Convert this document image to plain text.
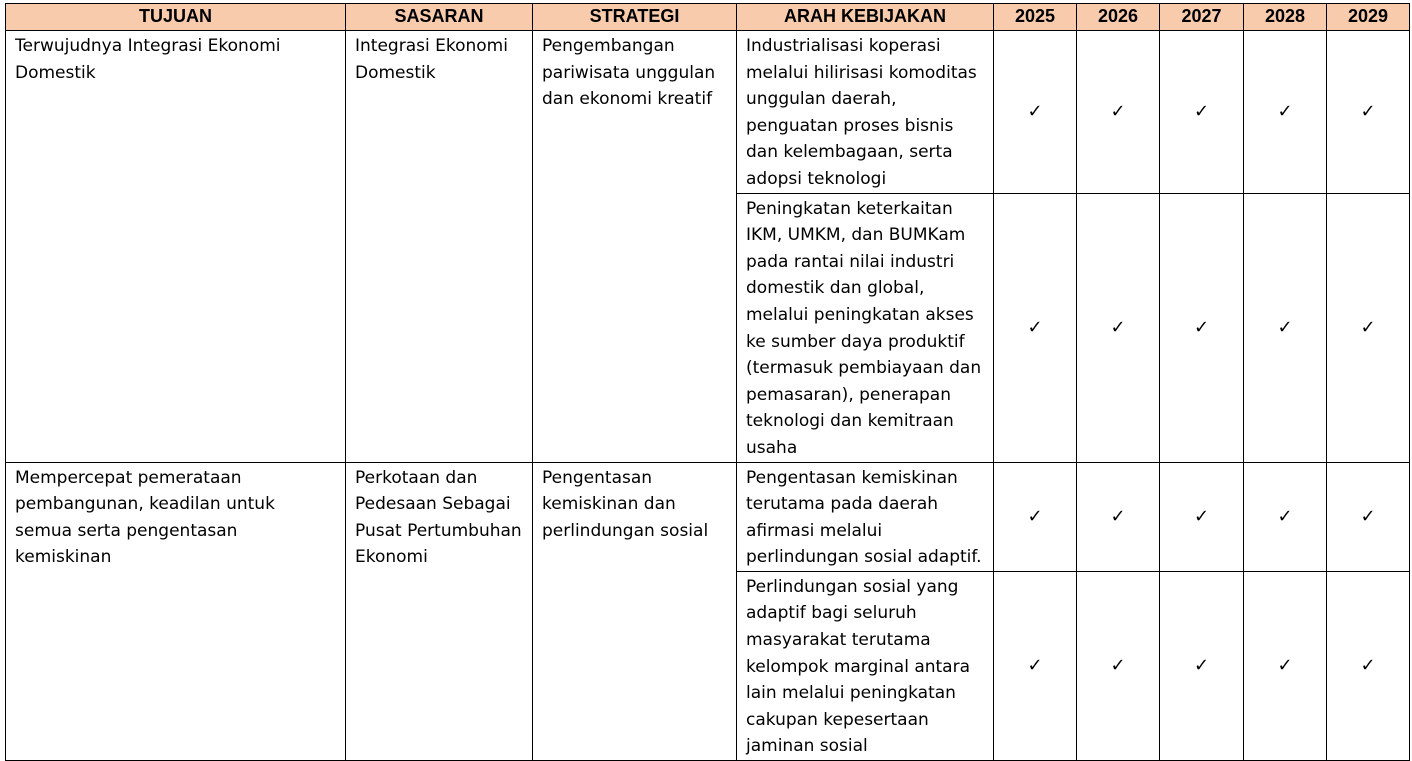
TUJUAN	SASARAN	STRATEGI	ARAH KEBIJAKAN	2025	2026	2027	2028	2029
Terwujudnya Integrasi Ekonomi Domestik	Integrasi Ekonomi Domestik	Pengembangan pariwisata unggulan dan ekonomi kreatif	Industrialisasi koperasi melalui hilirisasi komoditas unggulan daerah, penguatan proses bisnis dan kelembagaan, serta adopsi teknologi	✓	✓	✓	✓	✓
			Peningkatan keterkaitan IKM, UMKM, dan BUMKam pada rantai nilai industri domestik dan global, melalui peningkatan akses ke sumber daya produktif (termasuk pembiayaan dan pemasaran), penerapan teknologi dan kemitraan usaha	✓	✓	✓	✓	✓
Mempercepat pemerataan pembangunan, keadilan untuk semua serta pengentasan kemiskinan	Perkotaan dan Pedesaan Sebagai Pusat Pertumbuhan Ekonomi	Pengentasan kemiskinan dan perlindungan sosial	Pengentasan kemiskinan terutama pada daerah afirmasi melalui perlindungan sosial adaptif.	✓	✓	✓	✓	✓
			Perlindungan sosial yang adaptif bagi seluruh masyarakat terutama kelompok marginal antara lain melalui peningkatan cakupan kepesertaan jaminan sosial	✓	✓	✓	✓	✓
